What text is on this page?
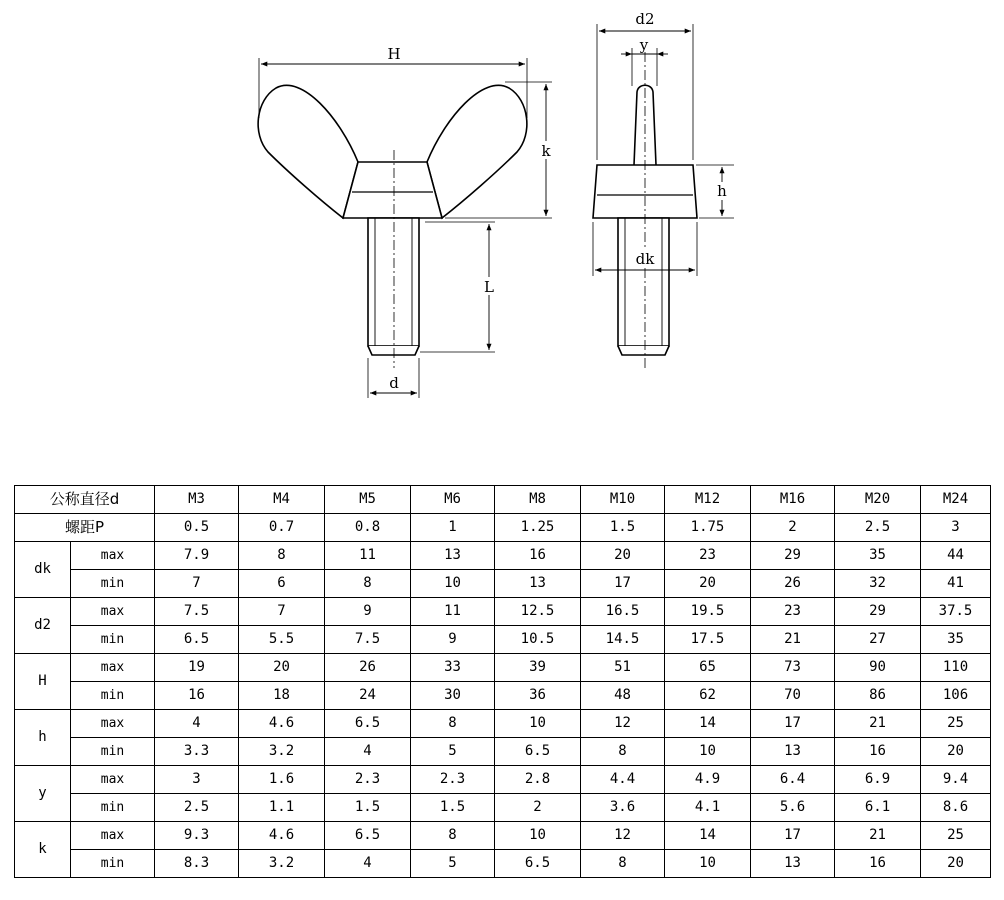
H
k
L
d
d2
y
h
dk
公称直径d		M3	M4	M5	M6	M8	M10	M12	M16	M20	M24
螺距P		0.5	0.7	0.8	1	1.25	1.5	1.75	2	2.5	3
dk	max	7.9	8	11	13	16	20	23	29	35	44
	min	7	6	8	10	13	17	20	26	32	41
d2	max	7.5	7	9	11	12.5	16.5	19.5	23	29	37.5
	min	6.5	5.5	7.5	9	10.5	14.5	17.5	21	27	35
H	max	19	20	26	33	39	51	65	73	90	110
	min	16	18	24	30	36	48	62	70	86	106
h	max	4	4.6	6.5	8	10	12	14	17	21	25
	min	3.3	3.2	4	5	6.5	8	10	13	16	20
y	max	3	1.6	2.3	2.3	2.8	4.4	4.9	6.4	6.9	9.4
	min	2.5	1.1	1.5	1.5	2	3.6	4.1	5.6	6.1	8.6
k	max	9.3	4.6	6.5	8	10	12	14	17	21	25
	min	8.3	3.2	4	5	6.5	8	10	13	16	20
